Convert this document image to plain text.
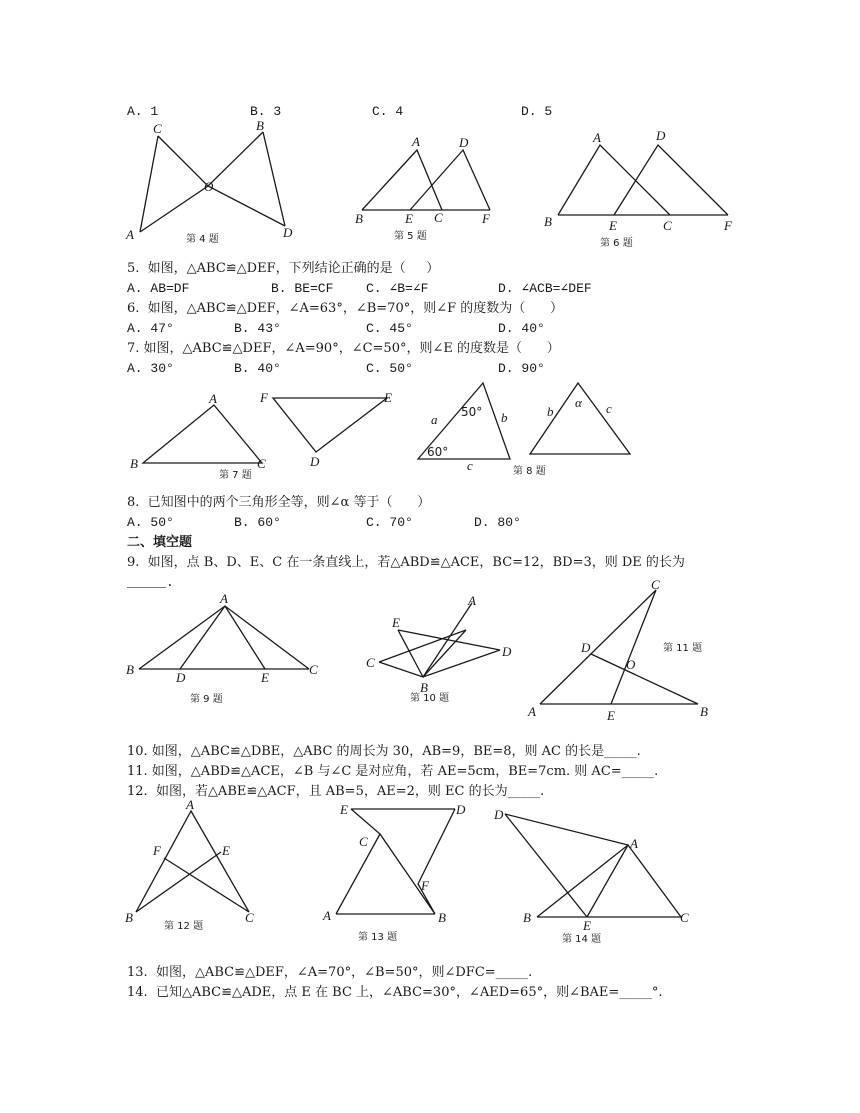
A. 1	B. 3	C. 4	D. 5
C	B
O
A	D
第 4 题
A	D
B	E C	F
第 5 题
A	D
B	E	C	F
第 6 题
5.  如图，△ABC≌△DEF，下列结论正确的是（     ）
A. AB=DF	B. BE=CF	C. ∠B=∠F	D. ∠ACB=∠DEF
6.  如图，△ABC≌△DEF，∠A=63°，∠B=70°，则∠F 的度数为（      ）
A. 47°	B. 43°	C. 45°	D. 40°
7. 如图，△ABC≌△DEF，∠A=90°，∠C=50°，则∠E 的度数是（      ）
A. 30°	B. 40°	C. 50°	D. 90°
A	F	E
B	C	D
第 7 题
50°
a	b
60°
c
α
b	c
第 8 题
8.  已知图中的两个三角形全等，则∠α 等于（      ）
A. 50°	B. 60°	C. 70°	D. 80°
二、填空题
9.  如图，点 B、D、E、C 在一条直线上，若△ABD≌△ACE，BC=12，BD=3，则 DE 的长为
_____.
A
B
D	E
C
第 9 题
E
A
C
D
B
第 10 题
C
D
O
A	E	B
第 11 题
10. 如图，△ABC≌△DBE，△ABC 的周长为 30，AB=9，BE=8，则 AC 的长是_____.
11. 如图，△ABD≌△ACE，∠B 与∠C 是对应角，若 AE=5cm，BE=7cm. 则 AC=_____.
12.  如图，若△ABE≌△ACF，且 AB=5，AE=2，则 EC 的长为_____.
A
F	E
B	C
第 12 题
E	D
C
F
A	B
第 13 题
D
A
B
E
C
第 14 题
13.  如图，△ABC≌△DEF，∠A=70°，∠B=50°，则∠DFC=_____.
14.  已知△ABC≌△ADE，点 E 在 BC 上，∠ABC=30°，∠AED=65°，则∠BAE=_____°.
